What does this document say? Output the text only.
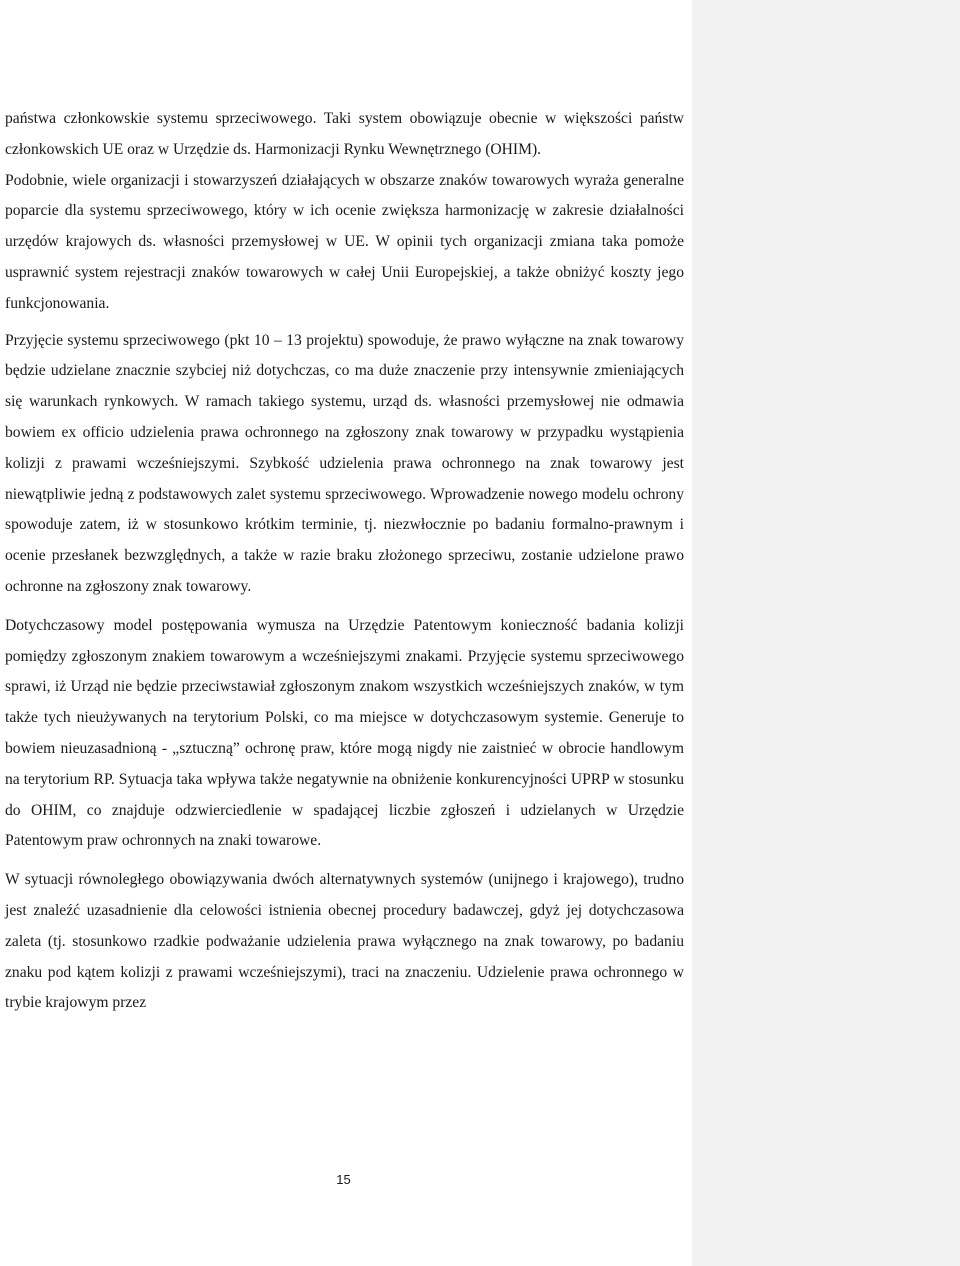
państwa członkowskie systemu sprzeciwowego. Taki system obowiązuje obecnie w większości państw członkowskich UE oraz w Urzędzie ds. Harmonizacji Rynku Wewnętrznego (OHIM).

Podobnie, wiele organizacji i stowarzyszeń działających w obszarze znaków towarowych wyraża generalne poparcie dla systemu sprzeciwowego, który w ich ocenie zwiększa harmonizację w zakresie działalności urzędów krajowych ds. własności przemysłowej w UE. W opinii tych organizacji zmiana taka pomoże usprawnić system rejestracji znaków towarowych w całej Unii Europejskiej, a także obniżyć koszty jego funkcjonowania.

Przyjęcie systemu sprzeciwowego (pkt 10 – 13 projektu) spowoduje, że prawo wyłączne na znak towarowy będzie udzielane znacznie szybciej niż dotychczas, co ma duże znaczenie przy intensywnie zmieniających się warunkach rynkowych. W ramach takiego systemu, urząd ds. własności przemysłowej nie odmawia bowiem ex officio udzielenia prawa ochronnego na zgłoszony znak towarowy w przypadku wystąpienia kolizji z prawami wcześniejszymi. Szybkość udzielenia prawa ochronnego na znak towarowy jest niewątpliwie jedną z podstawowych zalet systemu sprzeciwowego. Wprowadzenie nowego modelu ochrony spowoduje zatem, iż w stosunkowo krótkim terminie, tj. niezwłocznie po badaniu formalno-prawnym i ocenie przesłanek bezwzględnych, a także w razie braku złożonego sprzeciwu, zostanie udzielone prawo ochronne na zgłoszony znak towarowy.

Dotychczasowy model postępowania wymusza na Urzędzie Patentowym konieczność badania kolizji pomiędzy zgłoszonym znakiem towarowym a wcześniejszymi znakami. Przyjęcie systemu sprzeciwowego sprawi, iż Urząd nie będzie przeciwstawiał zgłoszonym znakom wszystkich wcześniejszych znaków, w tym także tych nieużywanych na terytorium Polski, co ma miejsce w dotychczasowym systemie. Generuje to bowiem nieuzasadnioną - „sztuczną” ochronę praw, które mogą nigdy nie zaistnieć w obrocie handlowym na terytorium RP. Sytuacja taka wpływa także negatywnie na obniżenie konkurencyjności UPRP w stosunku do OHIM, co znajduje odzwierciedlenie w spadającej liczbie zgłoszeń i udzielanych w Urzędzie Patentowym praw ochronnych na znaki towarowe.

W sytuacji równoległego obowiązywania dwóch alternatywnych systemów (unijnego i krajowego), trudno jest znaleźć uzasadnienie dla celowości istnienia obecnej procedury badawczej, gdyż jej dotychczasowa zaleta (tj. stosunkowo rzadkie podważanie udzielenia prawa wyłącznego na znak towarowy, po badaniu znaku pod kątem kolizji z prawami wcześniejszymi), traci na znaczeniu. Udzielenie prawa ochronnego w trybie krajowym przez

15
